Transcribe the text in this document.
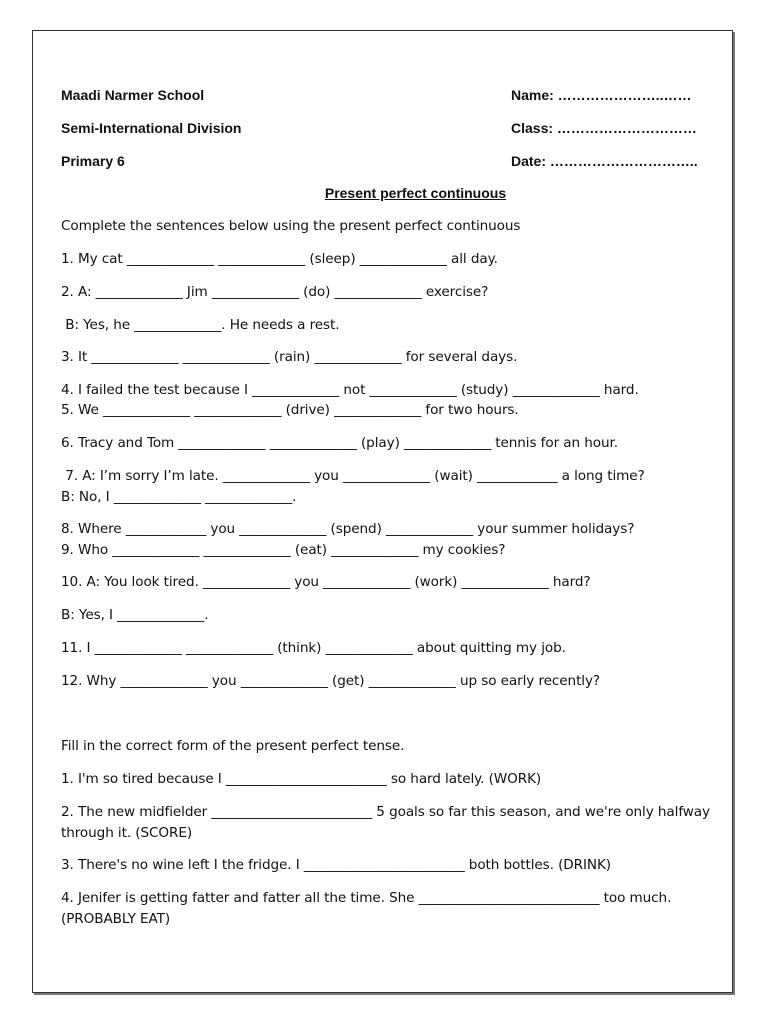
Maadi Narmer School
Semi-International Division
Primary 6
Name: …………………..……
Class: …………………………
Date: …………………………..
Present perfect continuous
Complete the sentences below using the present perfect continuous
1. My cat _____________ _____________ (sleep) _____________ all day.
2. A: _____________ Jim _____________ (do) _____________ exercise?
B: Yes, he _____________. He needs a rest.
3. It _____________ _____________ (rain) _____________ for several days.
4. I failed the test because I _____________ not _____________ (study) _____________ hard.
5. We _____________ _____________ (drive) _____________ for two hours.
6. Tracy and Tom _____________ _____________ (play) _____________ tennis for an hour.
7. A: I’m sorry I’m late. _____________ you _____________ (wait) ____________ a long time?
B: No, I _____________ _____________.
8. Where ____________ you _____________ (spend) _____________ your summer holidays?
9. Who _____________ _____________ (eat) _____________ my cookies?
10. A: You look tired. _____________ you _____________ (work) _____________ hard?
B: Yes, I _____________.
11. I _____________ _____________ (think) _____________ about quitting my job.
12. Why _____________ you _____________ (get) _____________ up so early recently?
Fill in the correct form of the present perfect tense.
1. I'm so tired because I ________________________ so hard lately. (WORK)
2. The new midfielder ________________________ 5 goals so far this season, and we're only halfway through it. (SCORE)
3. There's no wine left I the fridge. I ________________________ both bottles. (DRINK)
4. Jenifer is getting fatter and fatter all the time. She ___________________________ too much. (PROBABLY EAT)
